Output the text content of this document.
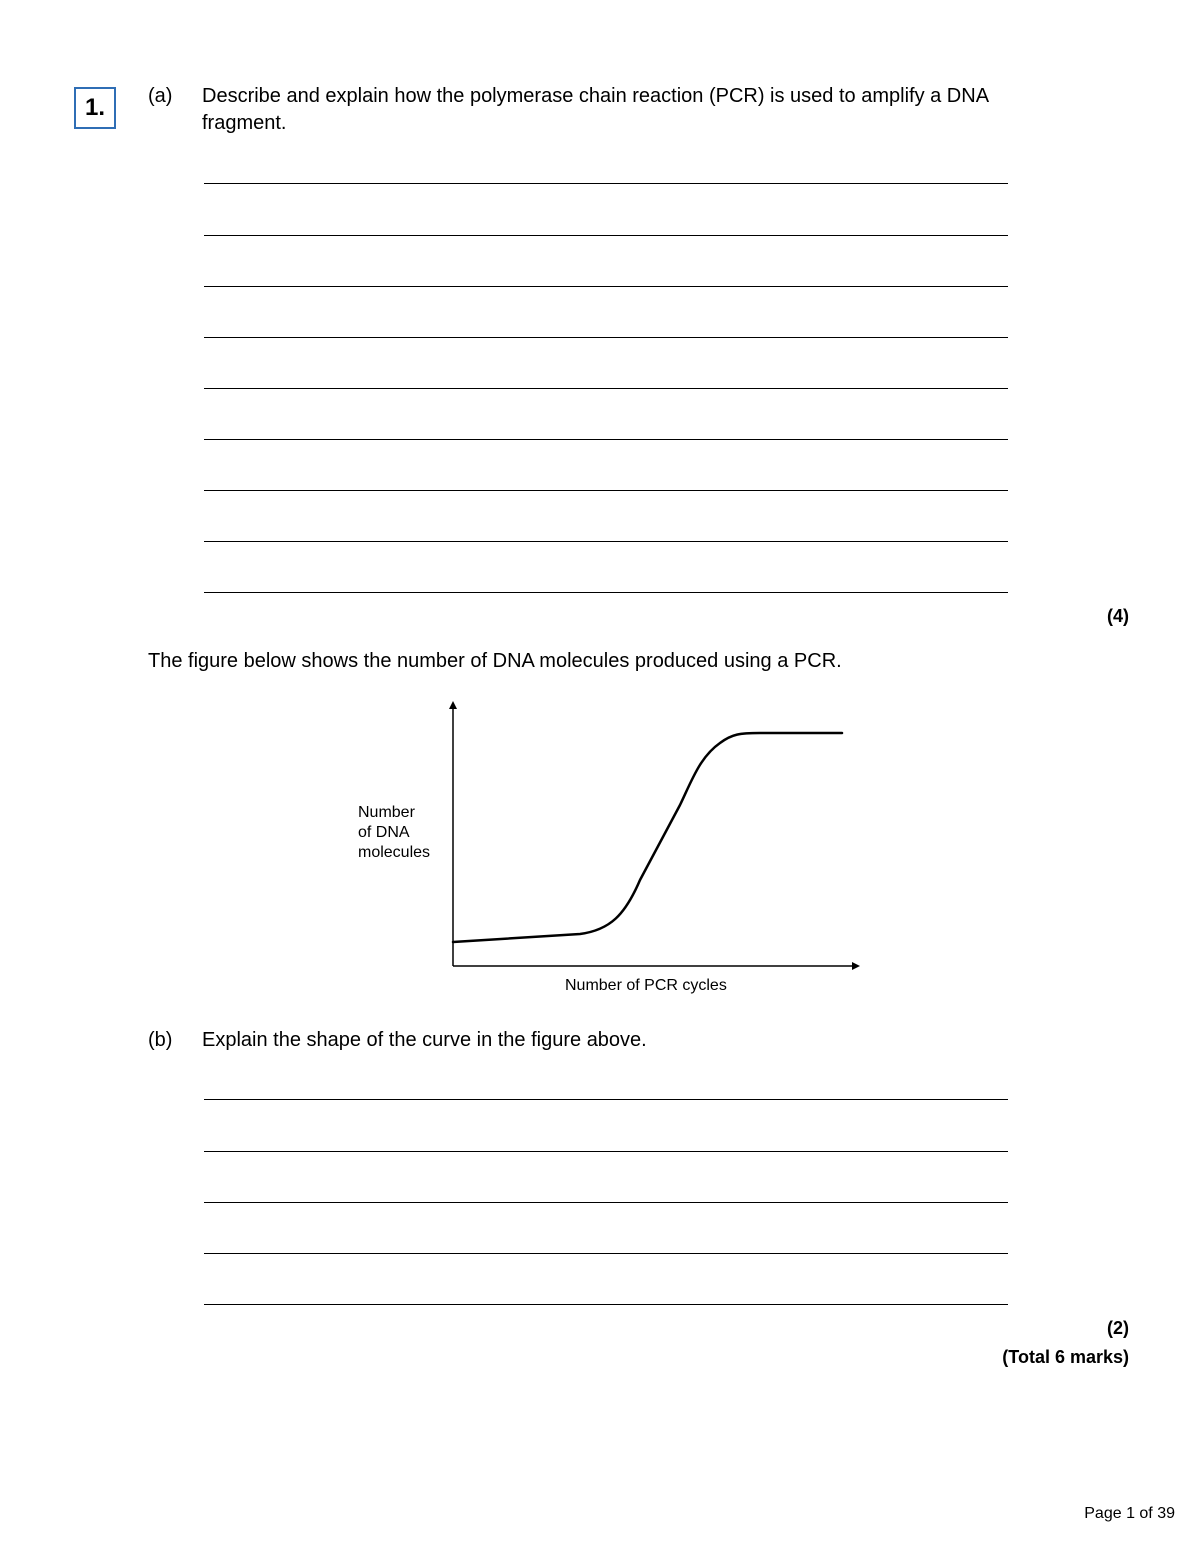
1. (a) Describe and explain how the polymerase chain reaction (PCR) is used to amplify a DNA
fragment.
(4)
The figure below shows the number of DNA molecules produced using a PCR.
Number
of DNA
molecules
Number of PCR cycles
(b) Explain the shape of the curve in the figure above.
(2)
(Total 6 marks)
Page 1 of 39
